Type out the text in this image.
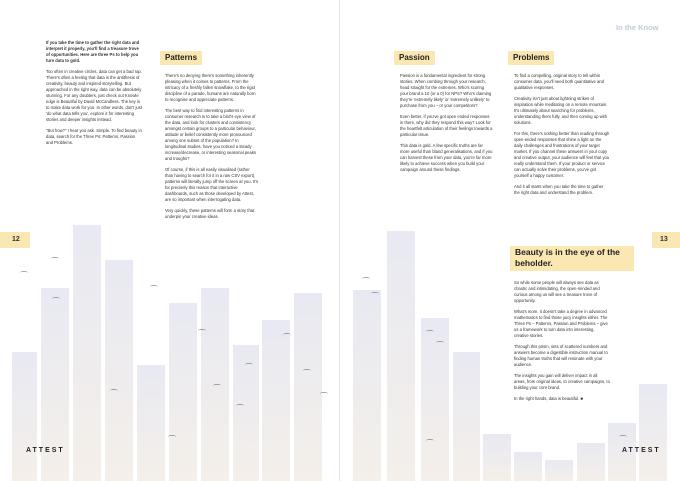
⌒
⌒
⌒
⌒
⌒
⌒
⌒
⌒
⌒
⌒
⌒
⌒
⌒
12

If you take the time to gather the right data and interpret it properly, you'll find a treasure trove of opportunities. Here are three Ps to help you turn data to gold.

Too often in creative circles, data can get a bad rap. There's often a feeling that data is the antithesis of creativity, beauty and inspired storytelling. But approached in the right way, data can be absolutely stunning. For any doubters, just check out Knowle edge is Beautiful by David McCandless. The key is to make data work for you. In other words, don't just 'do what data tells you', explore it for interesting stories and deeper insights instead.

"But how?" I hear you ask. Simple. To find beauty in data, search for the Three Ps: Patterns, Passion and Problems.

Patterns

There's no denying there's something inherently pleasing when it comes to patterns. From the intricacy of a freshly fallen snowflake, to the rigid discipline of a parade, humans are naturally born to recognise and appreciate patterns.

The best way to find interesting patterns in consumer research is to take a bird's eye view of the data, and look for clusters and consistency amongst certain groups to a particular behaviour, attitude or belief consistently more pronounced among one subset of the population? In longitudinal studies, have you noticed a steady increase/decrease, or interesting seasonal peaks and troughs?

Of course, if this is all easily visualised (rather than having to search for it in a raw CSV export), patterns will literally jump off the screen at you. It's for precisely this reason that interactive dashboards, such as those developed by Attest, are so important when interrogating data.

Very quickly, these patterns will form a story that underpin your creative ideas.

ATTEST
⌒
⌒
⌒
⌒
⌒
⌒
In the Know
13
Passion

Passion is a fundamental ingredient for strong stories. When combing through your research, head straight for the extremes. Who's scoring your brand a 10 (or a 0) for NPS? Who's claiming they're 'extremely likely' or 'extremely unlikely' to purchase from you – or your competitors?

Even better, if you've got open ended responses in there, why did they respond this way? Look for the heartfelt articulation of their feelings towards a particular issue.

This data is gold. A few specific truths are far more useful than bland generalisations, and if you can harvest these from your data, you're far more likely to achieve success when you build your campaign around these findings.

Problems

To find a compelling, original story to tell within consumer data, you'll need both quantitative and qualitative responses.

Creativity isn't just about lightning strikes of inspiration while meditating on a remote mountain. It's ultimately about searching for problems, understanding them fully, and then coming up with solutions.

For this, there's nothing better than reading through open-ended responses that shine a light on the daily challenges and frustrations of your target market. If you channel these answers in your copy and creative output, your audience will feel that you really understand them. If your product or service can actually solve their problems, you've got yourself a happy customer.

And it all starts when you take the time to gather the right data and understand the problem.

Beauty is in the eye of the beholder.

So while some people will always see data as chaotic and intimidating, the open-minded and curious among us will see a treasure trove of opportunity.

What's more, it doesn't take a degree in advanced mathematics to find those juicy insights either. The Three Ps – Patterns, Passion and Problems – give us a framework to turn data into interesting, creative stories.

Through this prism, sets of scattered numbers and answers become a digestible instruction manual to finding human truths that will resonate with your audience.

The insights you gain will deliver impact in all areas, from original ideas, to creative campaigns, to building your core brand.

In the right hands, data is beautiful. ■

ATTEST
